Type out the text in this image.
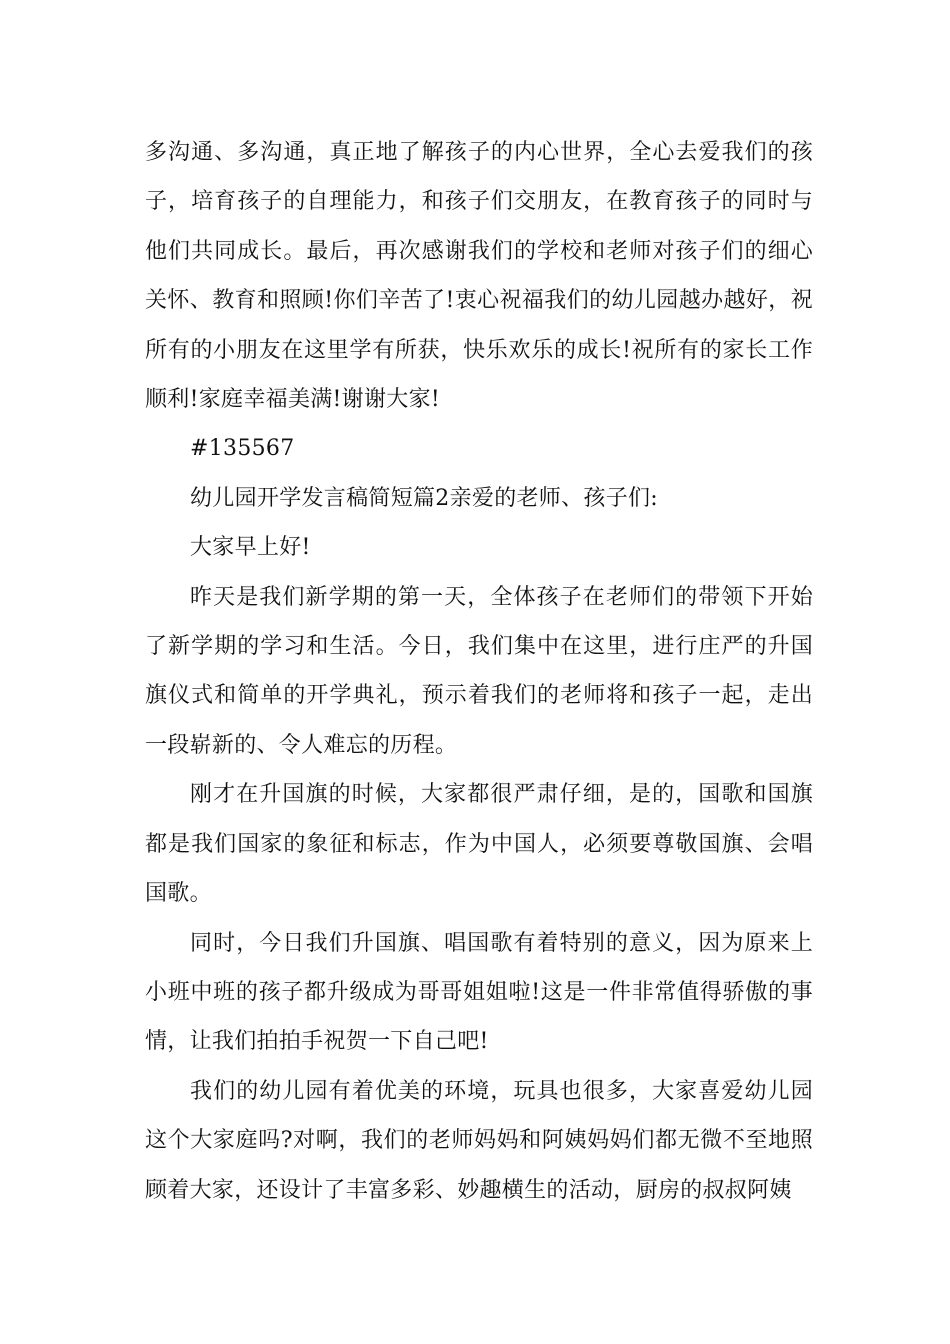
多沟通、多沟通，真正地了解孩子的内心世界，全心去爱我们的孩子，培育孩子的自理能力，和孩子们交朋友，在教育孩子的同时与他们共同成长。最后，再次感谢我们的学校和老师对孩子们的细心关怀、教育和照顾!你们辛苦了!衷心祝福我们的幼儿园越办越好，祝所有的小朋友在这里学有所获，快乐欢乐的成长!祝所有的家长工作顺利!家庭幸福美满!谢谢大家!

#135567

幼儿园开学发言稿简短篇2亲爱的老师、孩子们:

大家早上好!

昨天是我们新学期的第一天，全体孩子在老师们的带领下开始了新学期的学习和生活。今日，我们集中在这里，进行庄严的升国旗仪式和简单的开学典礼，预示着我们的老师将和孩子一起，走出一段崭新的、令人难忘的历程。

刚才在升国旗的时候，大家都很严肃仔细，是的，国歌和国旗都是我们国家的象征和标志，作为中国人，必须要尊敬国旗、会唱国歌。

同时，今日我们升国旗、唱国歌有着特别的意义，因为原来上小班中班的孩子都升级成为哥哥姐姐啦!这是一件非常值得骄傲的事情，让我们拍拍手祝贺一下自己吧!

我们的幼儿园有着优美的环境，玩具也很多，大家喜爱幼儿园这个大家庭吗?对啊，我们的老师妈妈和阿姨妈妈们都无微不至地照顾着大家，还设计了丰富多彩、妙趣横生的活动，厨房的叔叔阿姨
